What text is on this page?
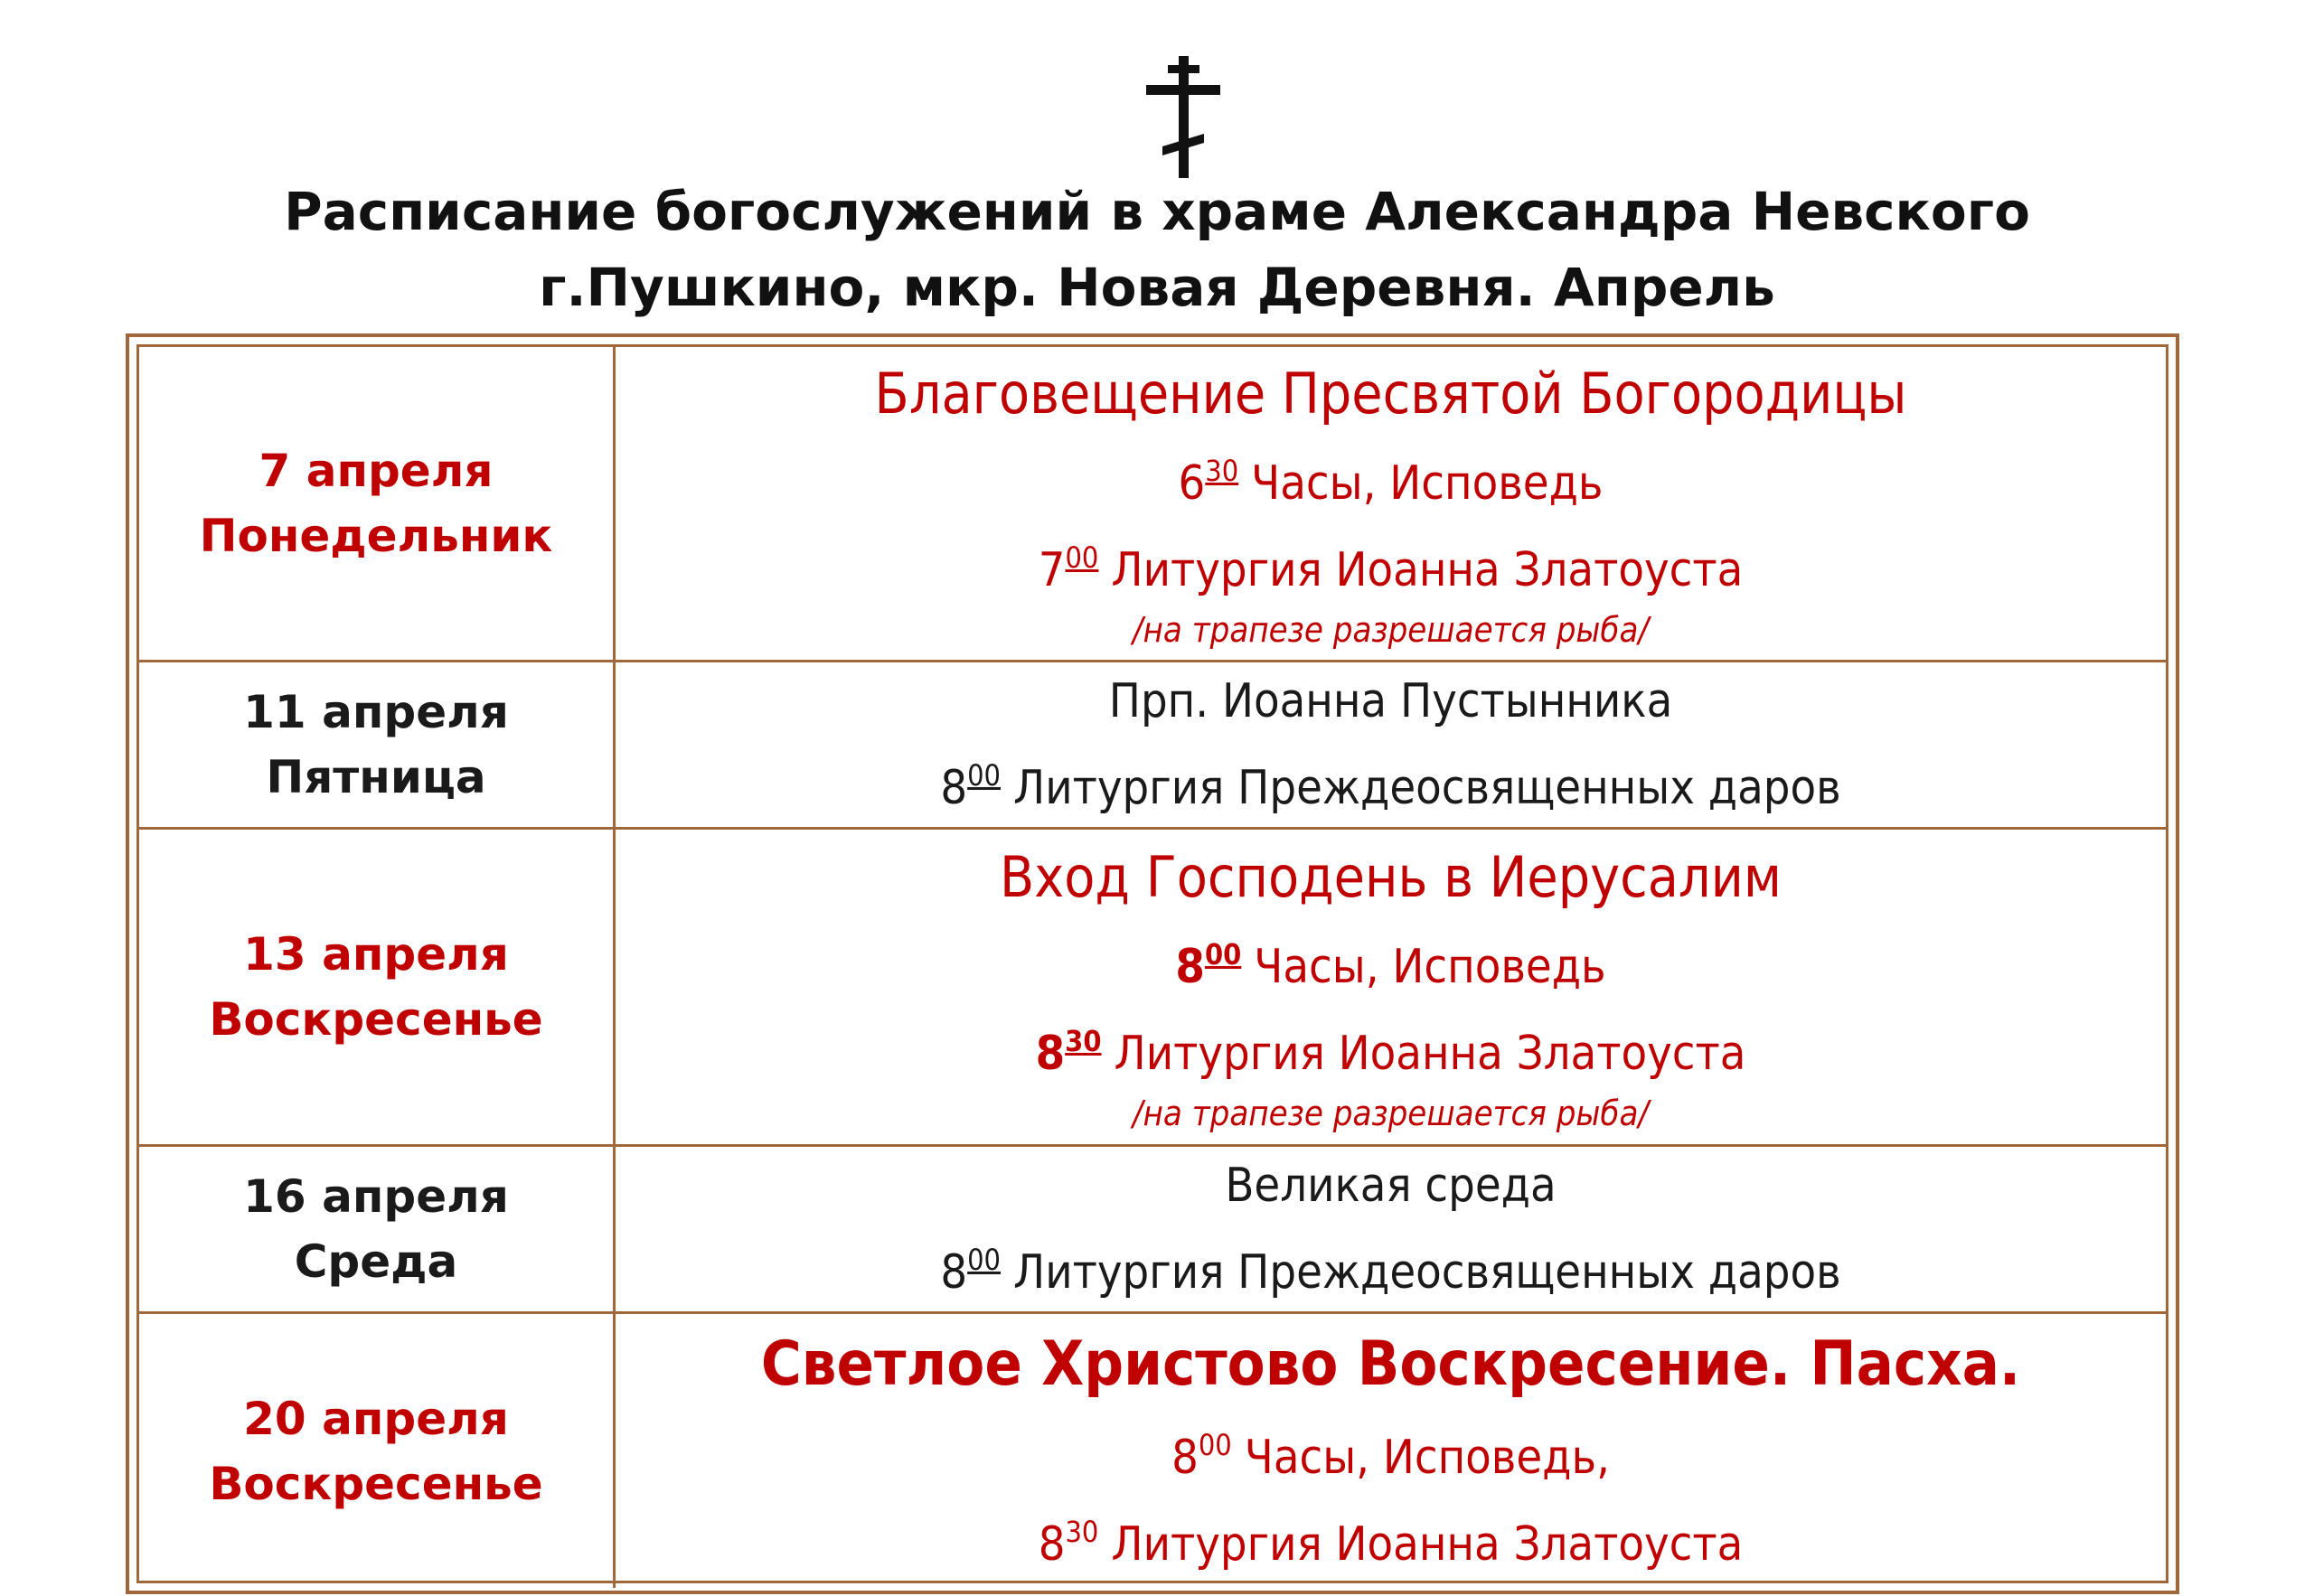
Расписание богослужений в храме Александра Невского
г.Пушкино, мкр. Новая Деревня. Апрель
7 апреля
Понедельник
Благовещение Пресвятой Богородицы
$6^{30}$ Часы, Исповедь
$7^{00}$ Литургия Иоанна Златоуста
/на трапезе разрешается рыба/
11 апреля
Пятница
Прп. Иоанна Пустынника
$8^{00}$ Литургия Преждеосвященных даров
13 апреля
Воскресенье
Вход Господень в Иерусалим
$8^{00}$ Часы, Исповедь
$8^{30}$ Литургия Иоанна Златоуста
/на трапезе разрешается рыба/
16 апреля
Среда
Великая среда
$8^{00}$ Литургия Преждеосвященных даров
20 апреля
Воскресенье
Светлое Христово Воскресение. Пасха.
$8^{00}$ Часы, Исповедь,
$8^{30}$ Литургия Иоанна Златоуста
